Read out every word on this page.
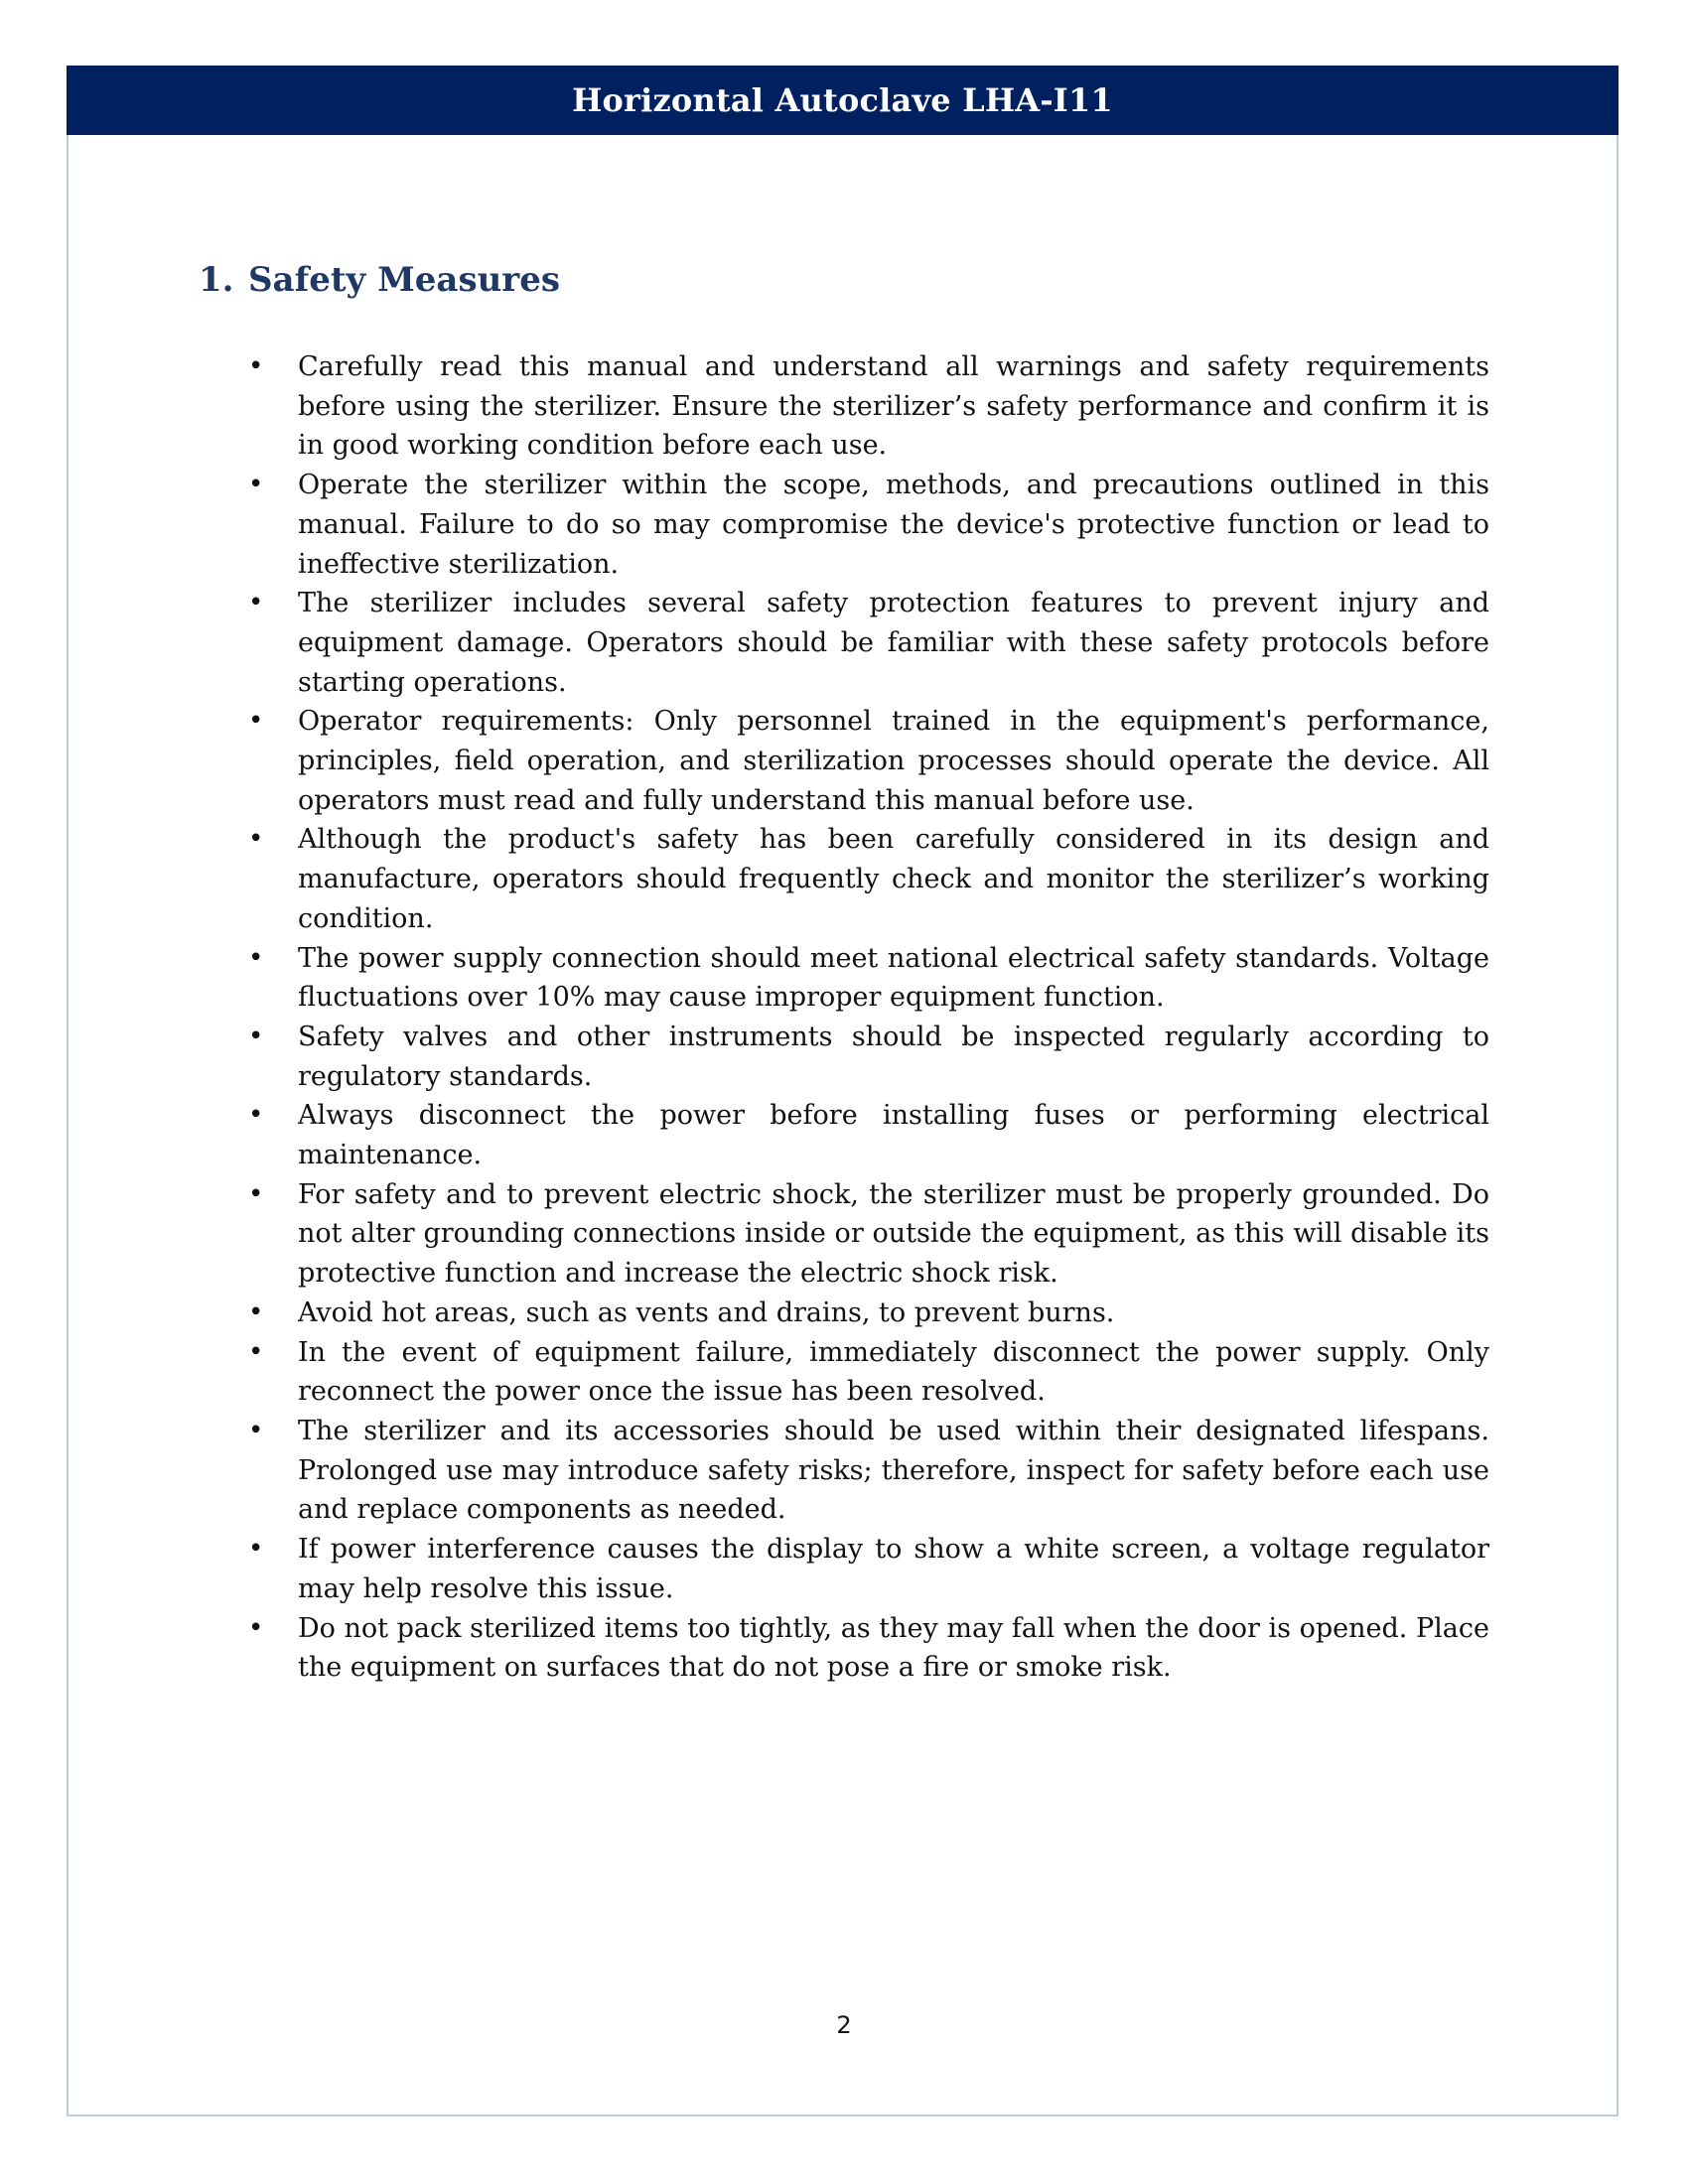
Horizontal Autoclave LHA-I11
1. Safety Measures
•	Carefully read this manual and understand all warnings and safety requirements before using the sterilizer. Ensure the sterilizer’s safety performance and confirm it is in good working condition before each use.
•	Operate the sterilizer within the scope, methods, and precautions outlined in this manual. Failure to do so may compromise the device's protective function or lead to ineffective sterilization.
•	The sterilizer includes several safety protection features to prevent injury and equipment damage. Operators should be familiar with these safety protocols before starting operations.
•	Operator requirements: Only personnel trained in the equipment's performance, principles, field operation, and sterilization processes should operate the device. All operators must read and fully understand this manual before use.
•	Although the product's safety has been carefully considered in its design and manufacture, operators should frequently check and monitor the sterilizer’s working condition.
•	The power supply connection should meet national electrical safety standards. Voltage fluctuations over 10% may cause improper equipment function.
•	Safety valves and other instruments should be inspected regularly according to regulatory standards.
•	Always disconnect the power before installing fuses or performing electrical maintenance.
•	For safety and to prevent electric shock, the sterilizer must be properly grounded. Do not alter grounding connections inside or outside the equipment, as this will disable its protective function and increase the electric shock risk.
•	Avoid hot areas, such as vents and drains, to prevent burns.
•	In the event of equipment failure, immediately disconnect the power supply. Only reconnect the power once the issue has been resolved.
•	The sterilizer and its accessories should be used within their designated lifespans. Prolonged use may introduce safety risks; therefore, inspect for safety before each use and replace components as needed.
•	If power interference causes the display to show a white screen, a voltage regulator may help resolve this issue.
•	Do not pack sterilized items too tightly, as they may fall when the door is opened. Place the equipment on surfaces that do not pose a fire or smoke risk.
2
